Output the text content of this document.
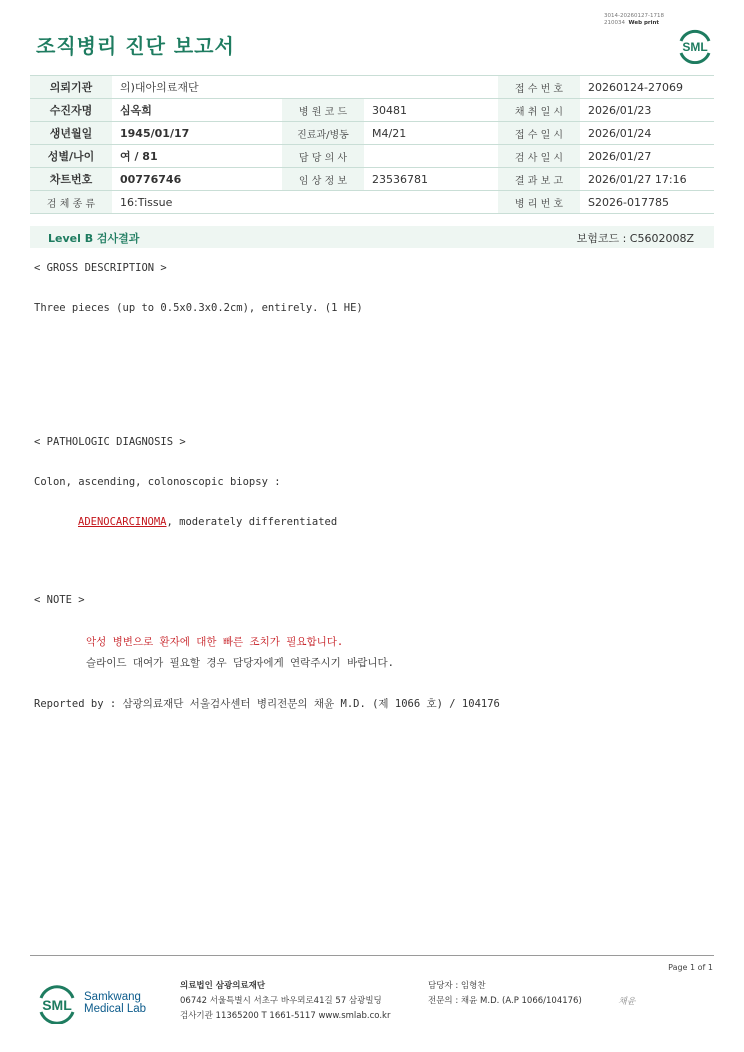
조직병리 진단 보고서
3014-20260127-1718
210034 Web print
SML
의뢰기관	의)대아의료재단			접 수 번 호	20260124-27069
수진자명	심옥희	병 원 코 드	30481	채 취 일 시	2026/01/23
생년월일	1945/01/17	진료과/병동	M4/21	접 수 일 시	2026/01/24
성별/나이	여 / 81	담 당 의 사		검 사 일 시	2026/01/27
차트번호	00776746	임 상 정 보	23536781	결 과 보 고	2026/01/27 17:16
검 체 종 류	16:Tissue			병 리 번 호	S2026-017785
Level B 검사결과	보험코드 : C5602008Z
< GROSS DESCRIPTION >
Three pieces (up to 0.5x0.3x0.2cm), entirely. (1 HE)
< PATHOLOGIC DIAGNOSIS >
Colon, ascending, colonoscopic biopsy :
ADENOCARCINOMA, moderately differentiated
< NOTE >
악성 병변으로 환자에 대한 빠른 조치가 필요합니다.
슬라이드 대여가 필요할 경우 담당자에게 연락주시기 바랍니다.
Reported by : 삼광의료재단 서울검사센터 병리전문의 채윤 M.D. (제 1066 호) / 104176
Page 1 of 1
SML Samkwang
Medical Lab
의료법인 삼광의료재단
06742 서울특별시 서초구 바우뫼로41길 57 삼광빌딩
검사기관 11365200 T 1661-5117 www.smlab.co.kr
담당자 : 임형찬
전문의 : 채윤 M.D. (A.P 1066/104176)	채윤
